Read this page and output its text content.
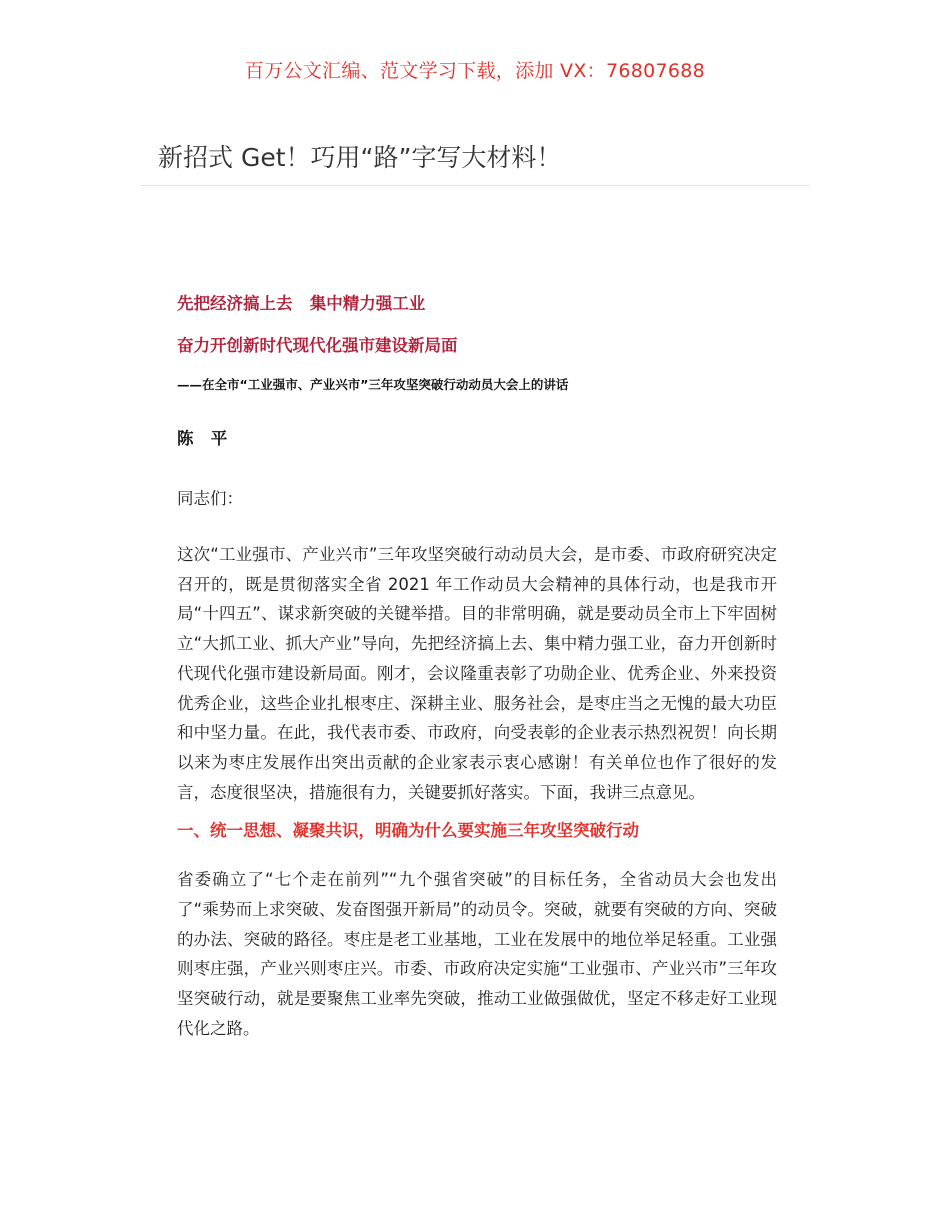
百万公文汇编、范文学习下载，添加 VX：76807688
新招式 Get！巧用“路”字写大材料！
先把经济搞上去   集中精力强工业
奋力开创新时代现代化强市建设新局面
——在全市“工业强市、产业兴市”三年攻坚突破行动动员大会上的讲话
陈   平
同志们：

这次“工业强市、产业兴市”三年攻坚突破行动动员大会，是市委、市政府研究决定召开的，既是贯彻落实全省 2021 年工作动员大会精神的具体行动，也是我市开局“十四五”、谋求新突破的关键举措。目的非常明确，就是要动员全市上下牢固树立“大抓工业、抓大产业”导向，先把经济搞上去、集中精力强工业，奋力开创新时代现代化强市建设新局面。刚才，会议隆重表彰了功勋企业、优秀企业、外来投资优秀企业，这些企业扎根枣庄、深耕主业、服务社会，是枣庄当之无愧的最大功臣和中坚力量。在此，我代表市委、市政府，向受表彰的企业表示热烈祝贺！向长期以来为枣庄发展作出突出贡献的企业家表示衷心感谢！有关单位也作了很好的发言，态度很坚决，措施很有力，关键要抓好落实。下面，我讲三点意见。

一、统一思想、凝聚共识，明确为什么要实施三年攻坚突破行动

省委确立了“七个走在前列”“九个强省突破”的目标任务，全省动员大会也发出了“乘势而上求突破、发奋图强开新局”的动员令。突破，就要有突破的方向、突破的办法、突破的路径。枣庄是老工业基地，工业在发展中的地位举足轻重。工业强则枣庄强，产业兴则枣庄兴。市委、市政府决定实施“工业强市、产业兴市”三年攻坚突破行动，就是要聚焦工业率先突破，推动工业做强做优，坚定不移走好工业现代化之路。
